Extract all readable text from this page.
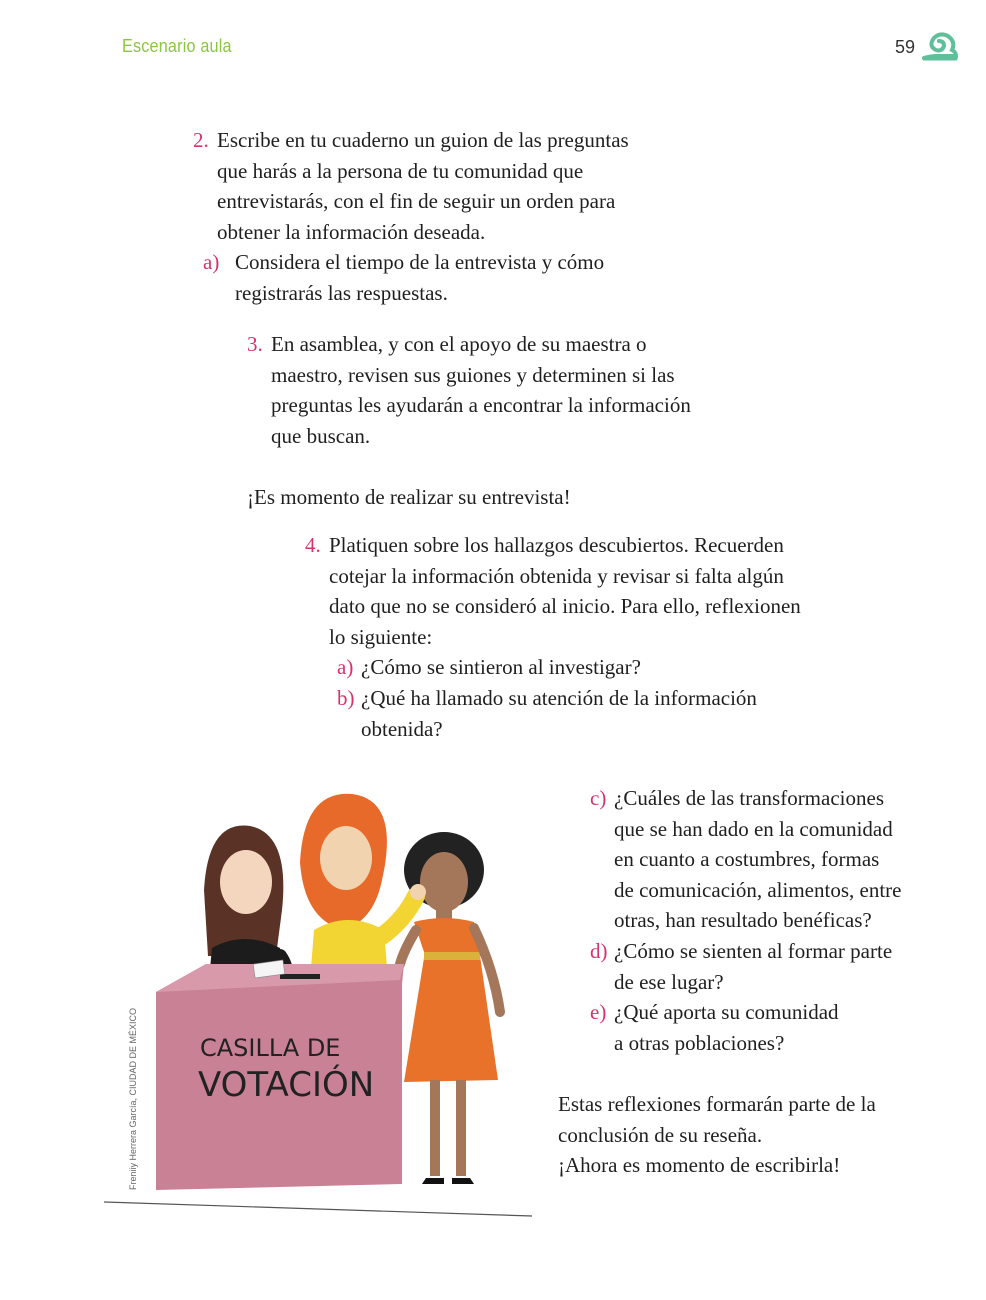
Escenario aula	59
2. Escribe en tu cuaderno un guion de las preguntas

que harás a la persona de tu comunidad que

entrevistarás, con el fin de seguir un orden para

obtener la información deseada.

a) Considera el tiempo de la entrevista y cómo

registrarás las respuestas.

3. En asamblea, y con el apoyo de su maestra o

maestro, revisen sus guiones y determinen si las

preguntas les ayudarán a encontrar la información

que buscan.

¡Es momento de realizar su entrevista!

4. Platiquen sobre los hallazgos descubiertos. Recuerden

cotejar la información obtenida y revisar si falta algún

dato que no se consideró al inicio. Para ello, reflexionen

lo siguiente:

a) ¿Cómo se sintieron al investigar?

b) ¿Qué ha llamado su atención de la información

obtenida?

c) ¿Cuáles de las transformaciones

que se han dado en la comunidad

en cuanto a costumbres, formas

de comunicación, alimentos, entre

otras, han resultado benéficas?

d) ¿Cómo se sienten al formar parte

de ese lugar?

e) ¿Qué aporta su comunidad

a otras poblaciones?

Estas reflexiones formarán parte de la

conclusión de su reseña.

¡Ahora es momento de escribirla!

CASILLA DE
VOTACIÓN
Freniiy Herrera García, CIUDAD DE MÉXICO
